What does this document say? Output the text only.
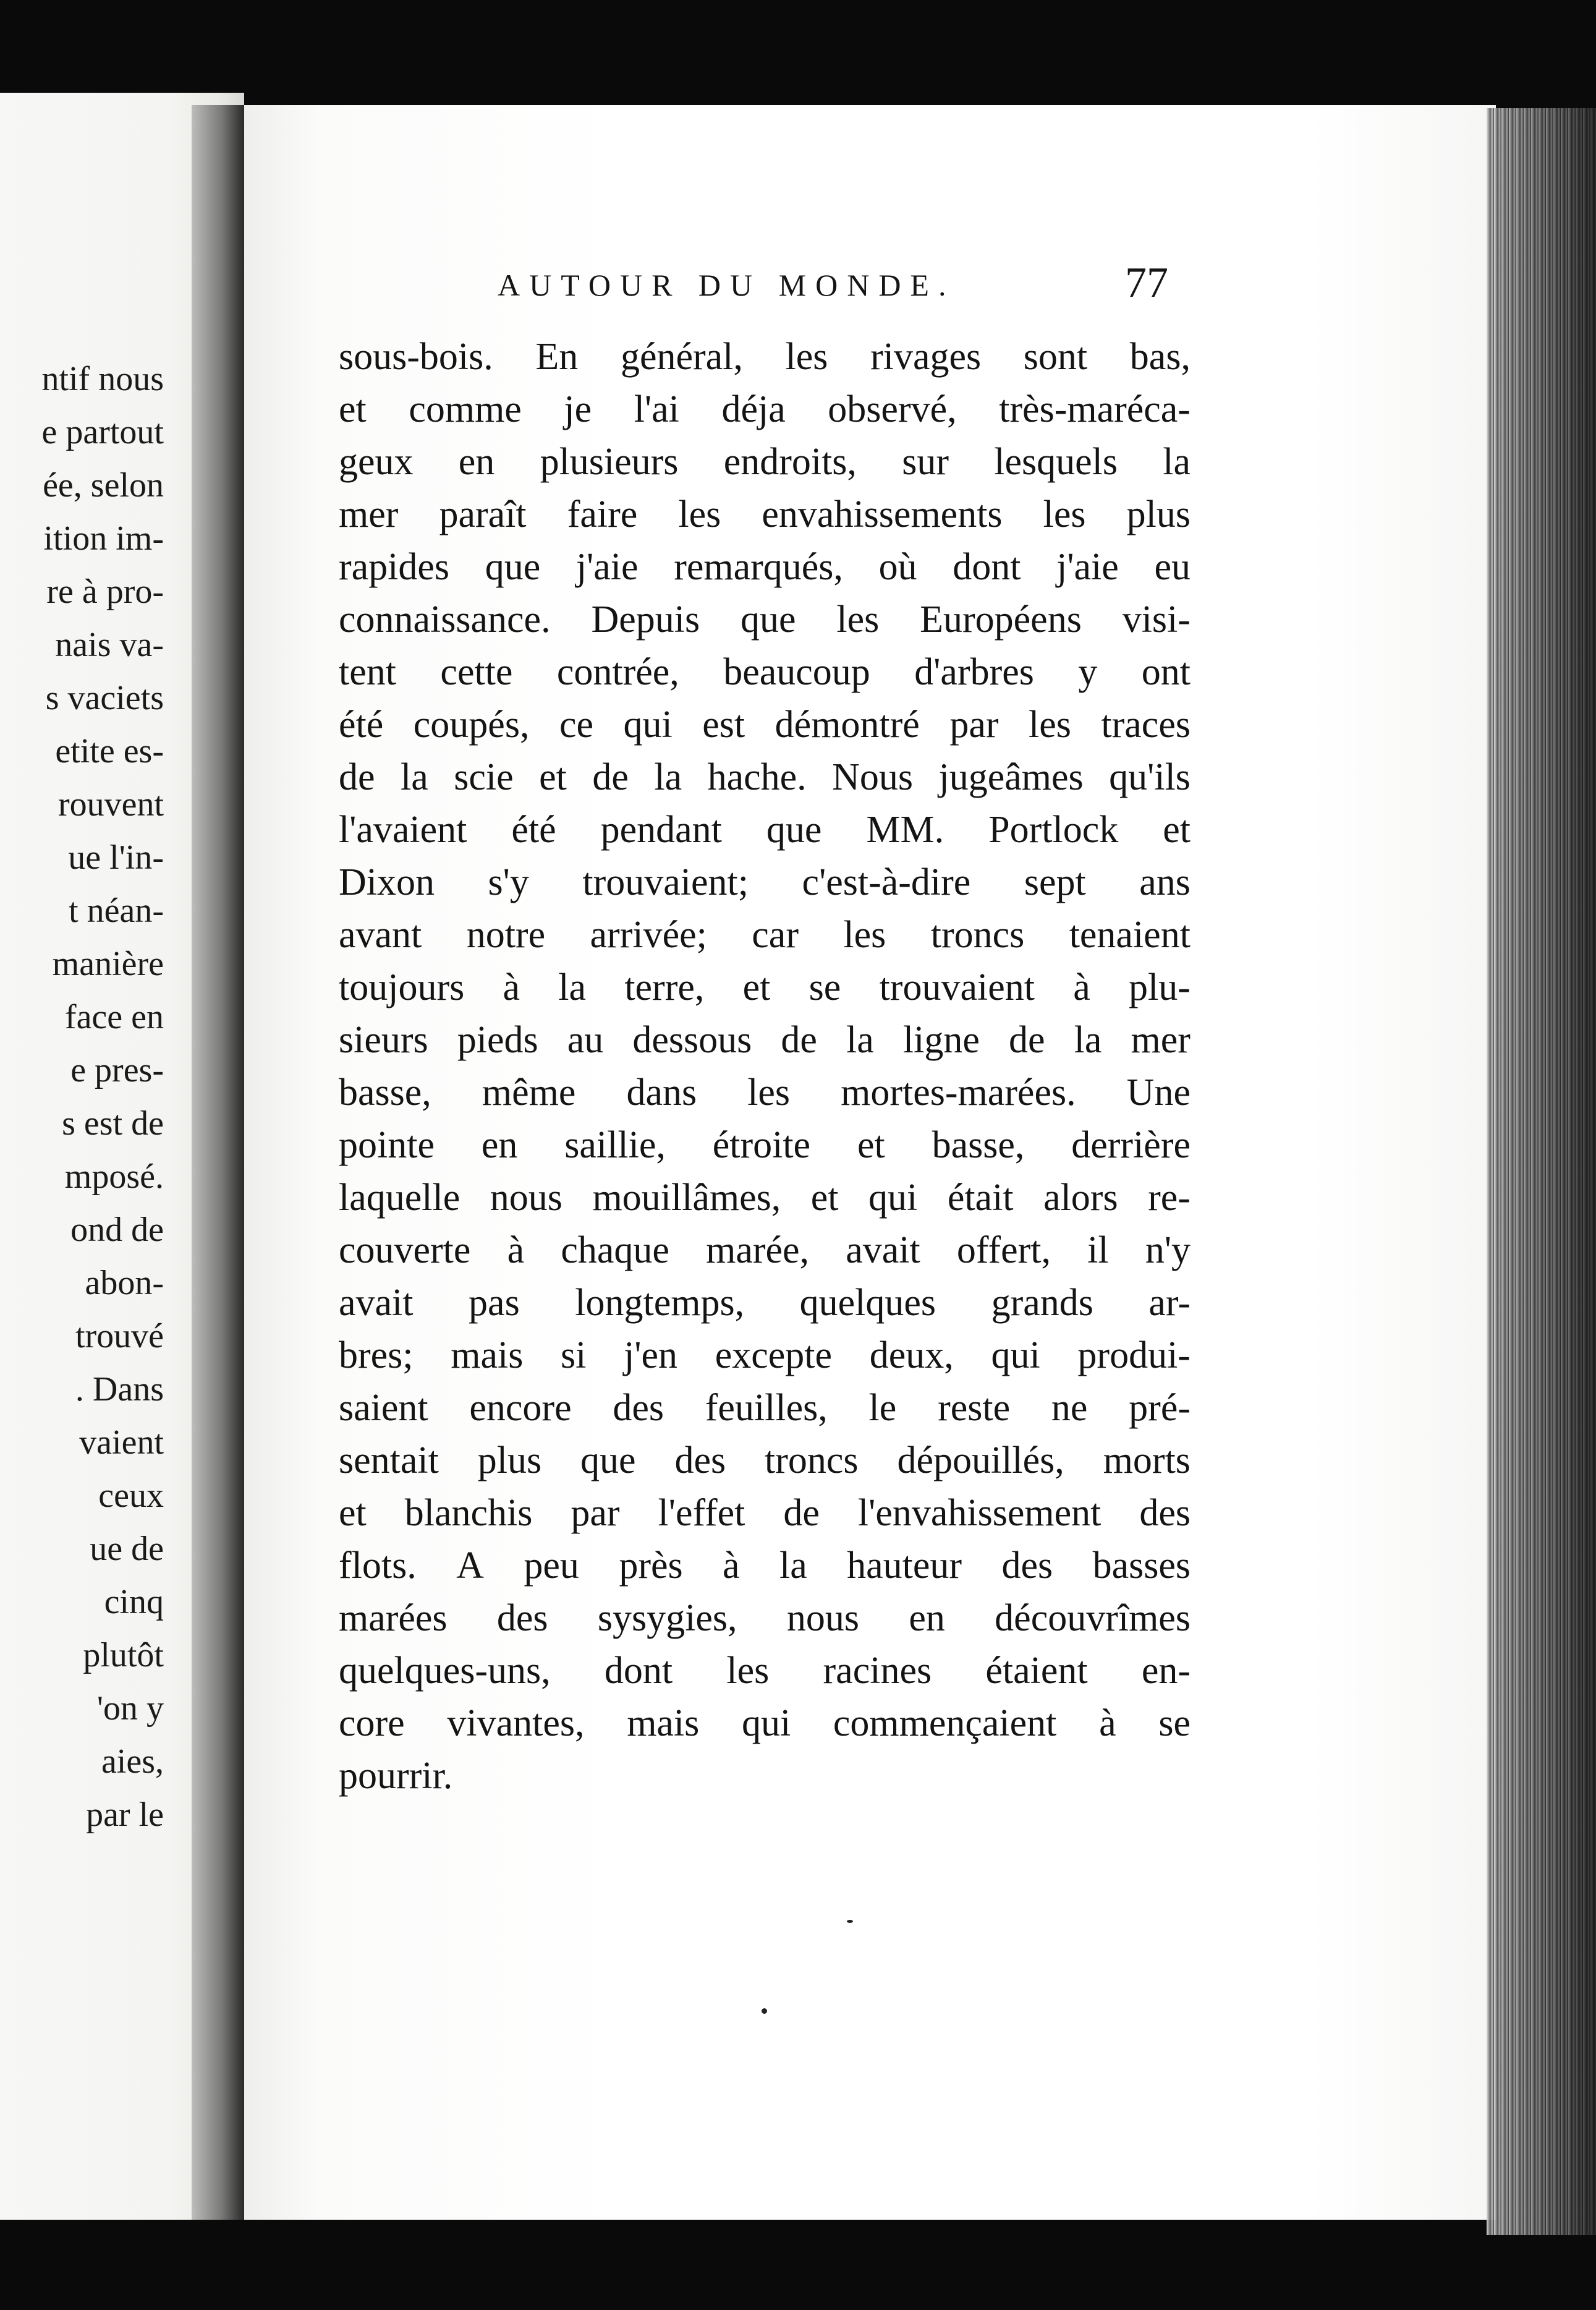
ntif nous
e partout
ée, selon
ition im-
re à pro-
nais va-
s vaciets
etite es-
rouvent
ue l'in-
t néan-
manière
face en
e pres-
s est de
mposé.
ond de
abon-
trouvé
. Dans
vaient
ceux
ue de
cinq
plutôt
'on y
aies,
par le
AUTOUR DU MONDE.	77
sous-bois. En général, les rivages sont bas,
et comme je l'ai déja observé, très-maréca-
geux en plusieurs endroits, sur lesquels la
mer paraît faire les envahissements les plus
rapides que j'aie remarqués, où dont j'aie eu
connaissance. Depuis que les Européens visi-
tent cette contrée, beaucoup d'arbres y ont
été coupés, ce qui est démontré par les traces
de la scie et de la hache. Nous jugeâmes qu'ils
l'avaient été pendant que MM. Portlock et
Dixon s'y trouvaient; c'est-à-dire sept ans
avant notre arrivée; car les troncs tenaient
toujours à la terre, et se trouvaient à plu-
sieurs pieds au dessous de la ligne de la mer
basse, même dans les mortes-marées. Une
pointe en saillie, étroite et basse, derrière
laquelle nous mouillâmes, et qui était alors re-
couverte à chaque marée, avait offert, il n'y
avait pas longtemps, quelques grands ar-
bres; mais si j'en excepte deux, qui produi-
saient encore des feuilles, le reste ne pré-
sentait plus que des troncs dépouillés, morts
et blanchis par l'effet de l'envahissement des
flots. A peu près à la hauteur des basses
marées des sysygies, nous en découvrîmes
quelques-uns, dont les racines étaient en-
core vivantes, mais qui commençaient à se
pourrir.
